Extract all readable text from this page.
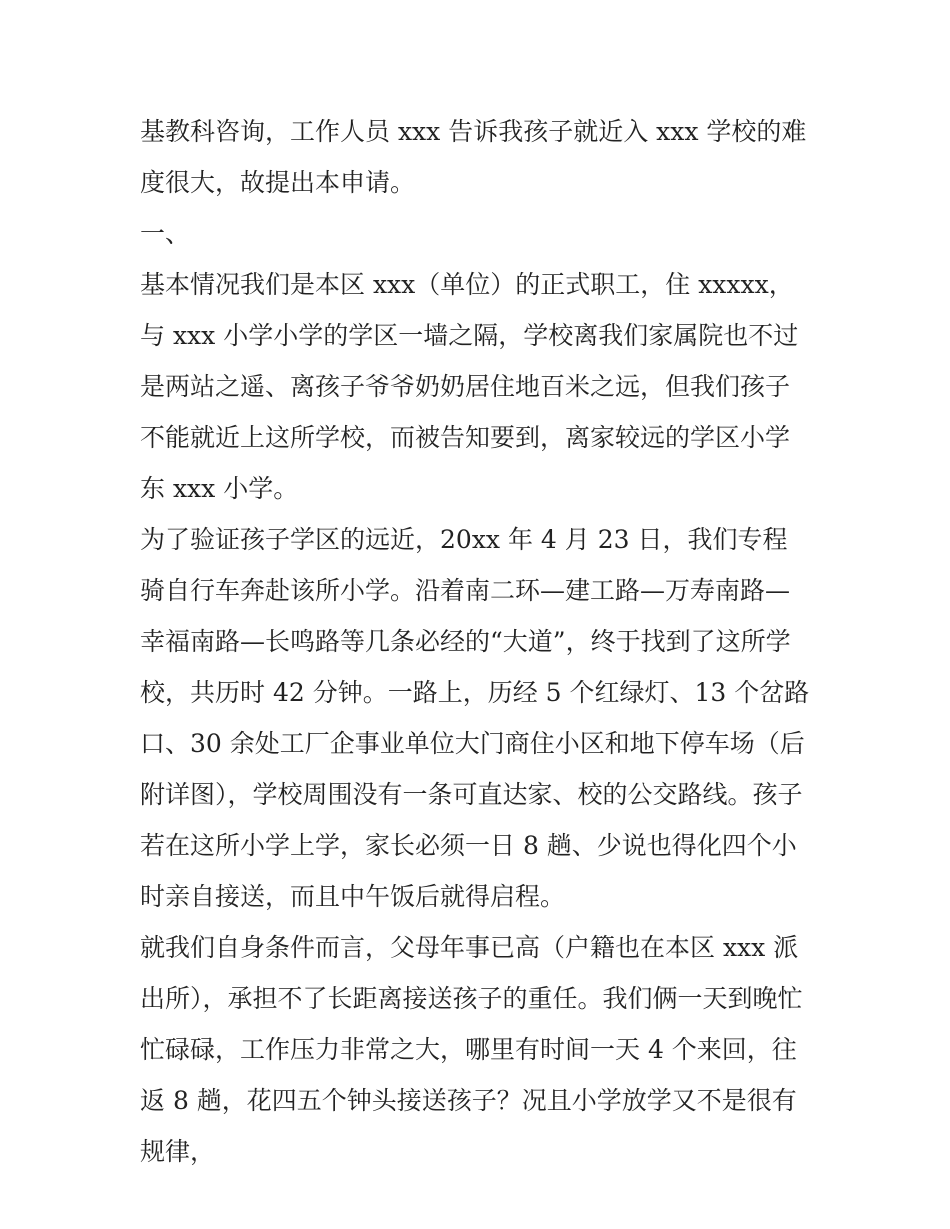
基教科咨询，工作人员 xxx 告诉我孩子就近入 xxx 学校的难度很大，故提出本申请。

一、

基本情况我们是本区 xxx（单位）的正式职工，住 xxxxx，与 xxx 小学小学的学区一墙之隔，学校离我们家属院也不过是两站之遥、离孩子爷爷奶奶居住地百米之远，但我们孩子不能就近上这所学校，而被告知要到，离家较远的学区小学东 xxx 小学。

为了验证孩子学区的远近，20xx 年 4 月 23 日，我们专程骑自行车奔赴该所小学。沿着南二环—建工路—万寿南路—幸福南路—长鸣路等几条必经的“大道”，终于找到了这所学校，共历时 42 分钟。一路上，历经 5 个红绿灯、13 个岔路口、30 余处工厂企事业单位大门商住小区和地下停车场（后附详图），学校周围没有一条可直达家、校的公交路线。孩子若在这所小学上学，家长必须一日 8 趟、少说也得化四个小时亲自接送，而且中午饭后就得启程。

就我们自身条件而言，父母年事已高（户籍也在本区 xxx 派出所），承担不了长距离接送孩子的重任。我们俩一天到晚忙忙碌碌，工作压力非常之大，哪里有时间一天 4 个来回，往返 8 趟，花四五个钟头接送孩子？况且小学放学又不是很有规律，
